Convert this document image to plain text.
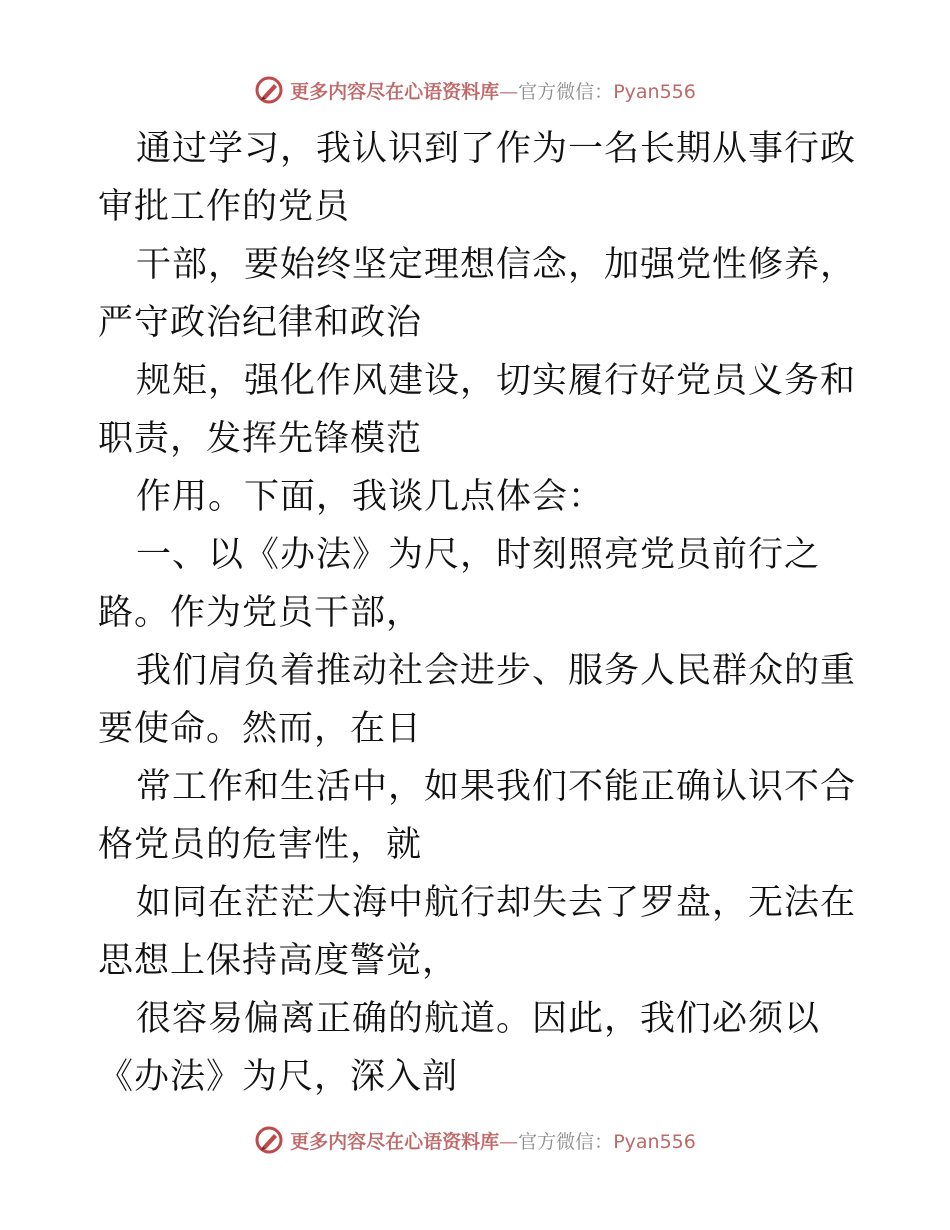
更多内容尽在心语资料库—官方微信：Pyan556

通过学习，我认识到了作为一名长期从事行政审批工作的党员

干部，要始终坚定理想信念，加强党性修养，严守政治纪律和政治

规矩，强化作风建设，切实履行好党员义务和职责，发挥先锋模范

作用。下面，我谈几点体会：

一、以《办法》为尺，时刻照亮党员前行之路。作为党员干部，

我们肩负着推动社会进步、服务人民群众的重要使命。然而，在日

常工作和生活中，如果我们不能正确认识不合格党员的危害性，就

如同在茫茫大海中航行却失去了罗盘，无法在思想上保持高度警觉，

很容易偏离正确的航道。因此，我们必须以《办法》为尺，深入剖

更多内容尽在心语资料库—官方微信：Pyan556
